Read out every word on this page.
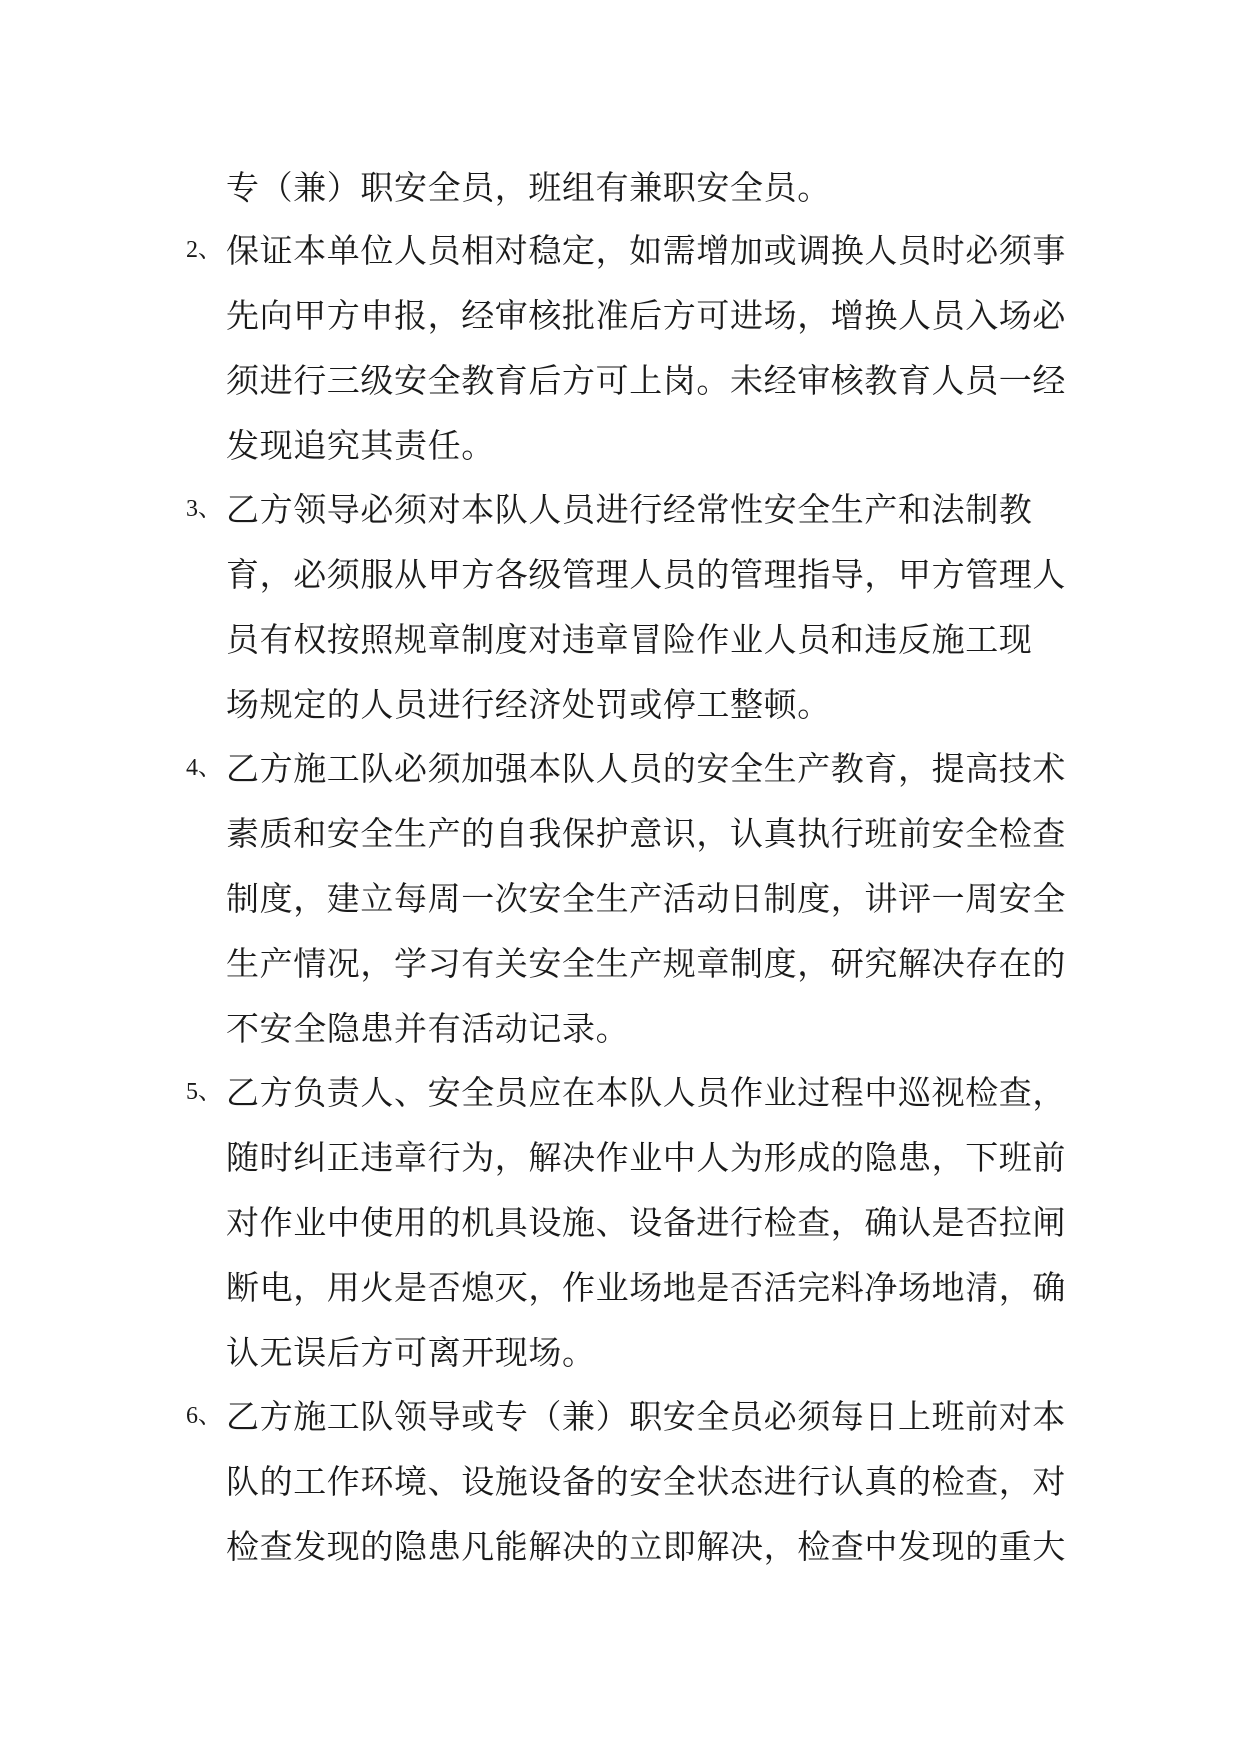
专（兼）职安全员，班组有兼职安全员。
2、 保证本单位人员相对稳定，如需增加或调换人员时必须事
先向甲方申报，经审核批准后方可进场，增换人员入场必
须进行三级安全教育后方可上岗。未经审核教育人员一经
发现追究其责任。
3、 乙方领导必须对本队人员进行经常性安全生产和法制教
育，必须服从甲方各级管理人员的管理指导，甲方管理人
员有权按照规章制度对违章冒险作业人员和违反施工现
场规定的人员进行经济处罚或停工整顿。
4、 乙方施工队必须加强本队人员的安全生产教育，提高技术
素质和安全生产的自我保护意识，认真执行班前安全检查
制度，建立每周一次安全生产活动日制度，讲评一周安全
生产情况，学习有关安全生产规章制度，研究解决存在的
不安全隐患并有活动记录。
5、 乙方负责人、安全员应在本队人员作业过程中巡视检查，
随时纠正违章行为，解决作业中人为形成的隐患，下班前
对作业中使用的机具设施、设备进行检查，确认是否拉闸
断电，用火是否熄灭，作业场地是否活完料净场地清，确
认无误后方可离开现场。
6、 乙方施工队领导或专（兼）职安全员必须每日上班前对本
队的工作环境、设施设备的安全状态进行认真的检查，对
检查发现的隐患凡能解决的立即解决，检查中发现的重大
